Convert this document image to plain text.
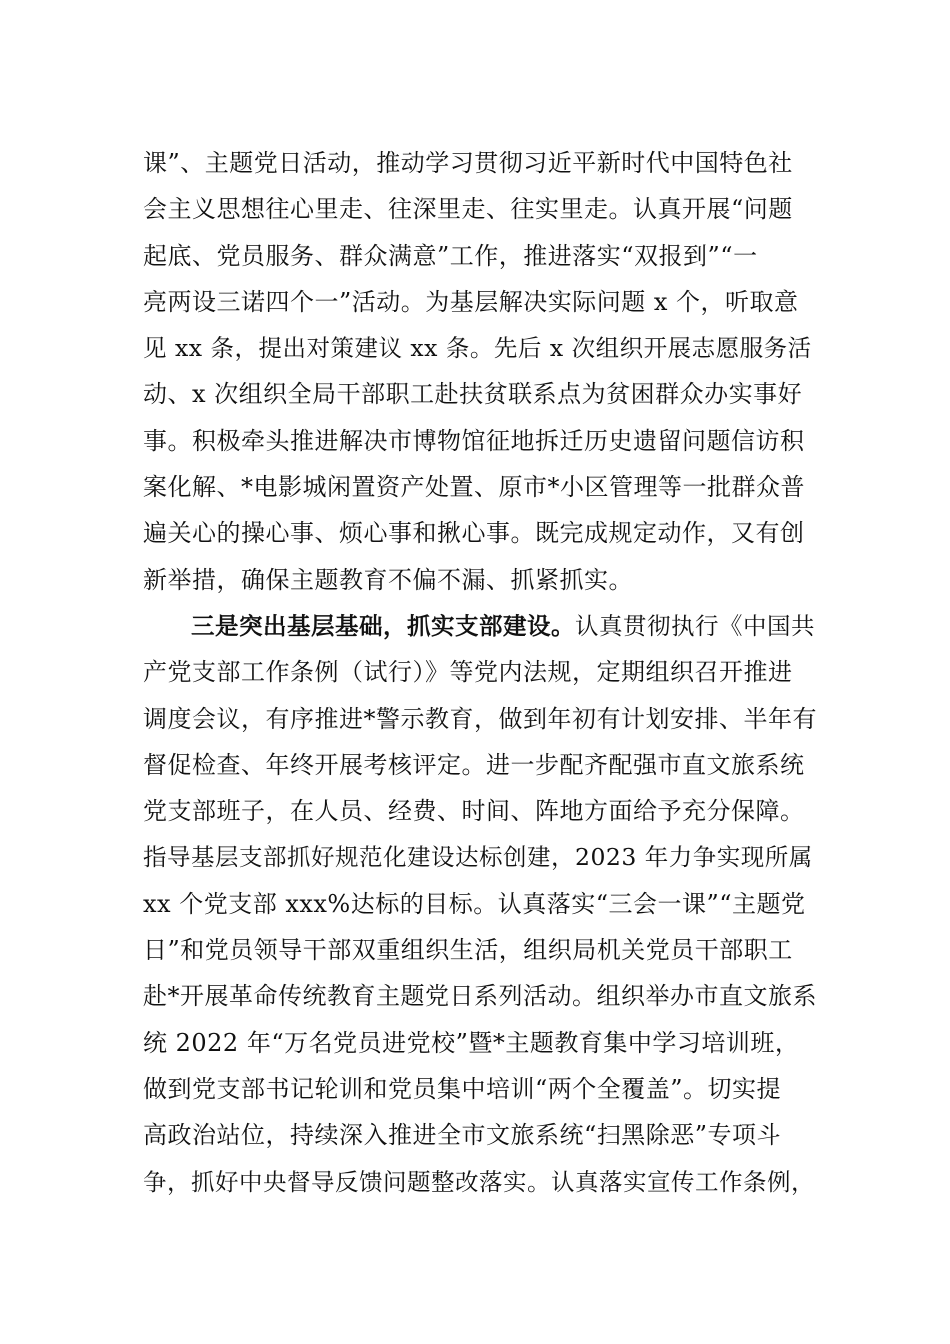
课”、主题党日活动，推动学习贯彻习近平新时代中国特色社
会主义思想往心里走、往深里走、往实里走。认真开展“问题
起底、党员服务、群众满意”工作，推进落实“双报到”“一
亮两设三诺四个一”活动。为基层解决实际问题 x 个，听取意
见 xx 条，提出对策建议 xx 条。先后 x 次组织开展志愿服务活
动、x 次组织全局干部职工赴扶贫联系点为贫困群众办实事好
事。积极牵头推进解决市博物馆征地拆迁历史遗留问题信访积
案化解、*电影城闲置资产处置、原市*小区管理等一批群众普
遍关心的操心事、烦心事和揪心事。既完成规定动作，又有创
新举措，确保主题教育不偏不漏、抓紧抓实。
三是突出基层基础，抓实支部建设。认真贯彻执行《中国共
产党支部工作条例（试行）》等党内法规，定期组织召开推进
调度会议，有序推进*警示教育，做到年初有计划安排、半年有
督促检查、年终开展考核评定。进一步配齐配强市直文旅系统
党支部班子，在人员、经费、时间、阵地方面给予充分保障。
指导基层支部抓好规范化建设达标创建，2023 年力争实现所属
xx 个党支部 xxx%达标的目标。认真落实“三会一课”“主题党
日”和党员领导干部双重组织生活，组织局机关党员干部职工
赴*开展革命传统教育主题党日系列活动。组织举办市直文旅系
统 2022 年“万名党员进党校”暨*主题教育集中学习培训班，
做到党支部书记轮训和党员集中培训“两个全覆盖”。切实提
高政治站位，持续深入推进全市文旅系统“扫黑除恶”专项斗
争，抓好中央督导反馈问题整改落实。认真落实宣传工作条例，
